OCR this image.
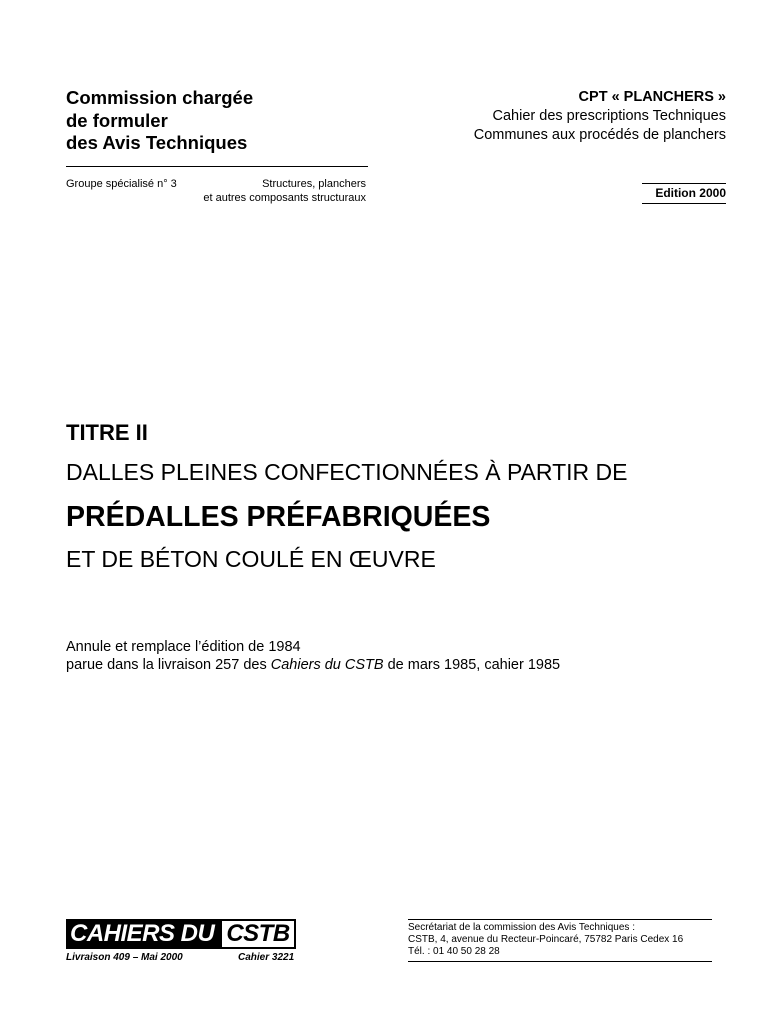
Commission chargée
de formuler
des Avis Techniques
Groupe spécialisé n° 3	Structures, planchers
et autres composants structuraux
CPT « PLANCHERS »
Cahier des prescriptions Techniques
Communes aux procédés de planchers
Edition 2000
TITRE II
DALLES PLEINES CONFECTIONNÉES À PARTIR DE
PRÉDALLES PRÉFABRIQUÉES
ET DE BÉTON COULÉ EN ŒUVRE
Annule et remplace l’édition de 1984
parue dans la livraison 257 des Cahiers du CSTB de mars 1985, cahier 1985
CAHIERS DU CSTB
Livraison 409 – Mai 2000	Cahier 3221
Secrétariat de la commission des Avis Techniques :
CSTB, 4, avenue du Recteur-Poincaré, 75782 Paris Cedex 16
Tél. : 01 40 50 28 28
